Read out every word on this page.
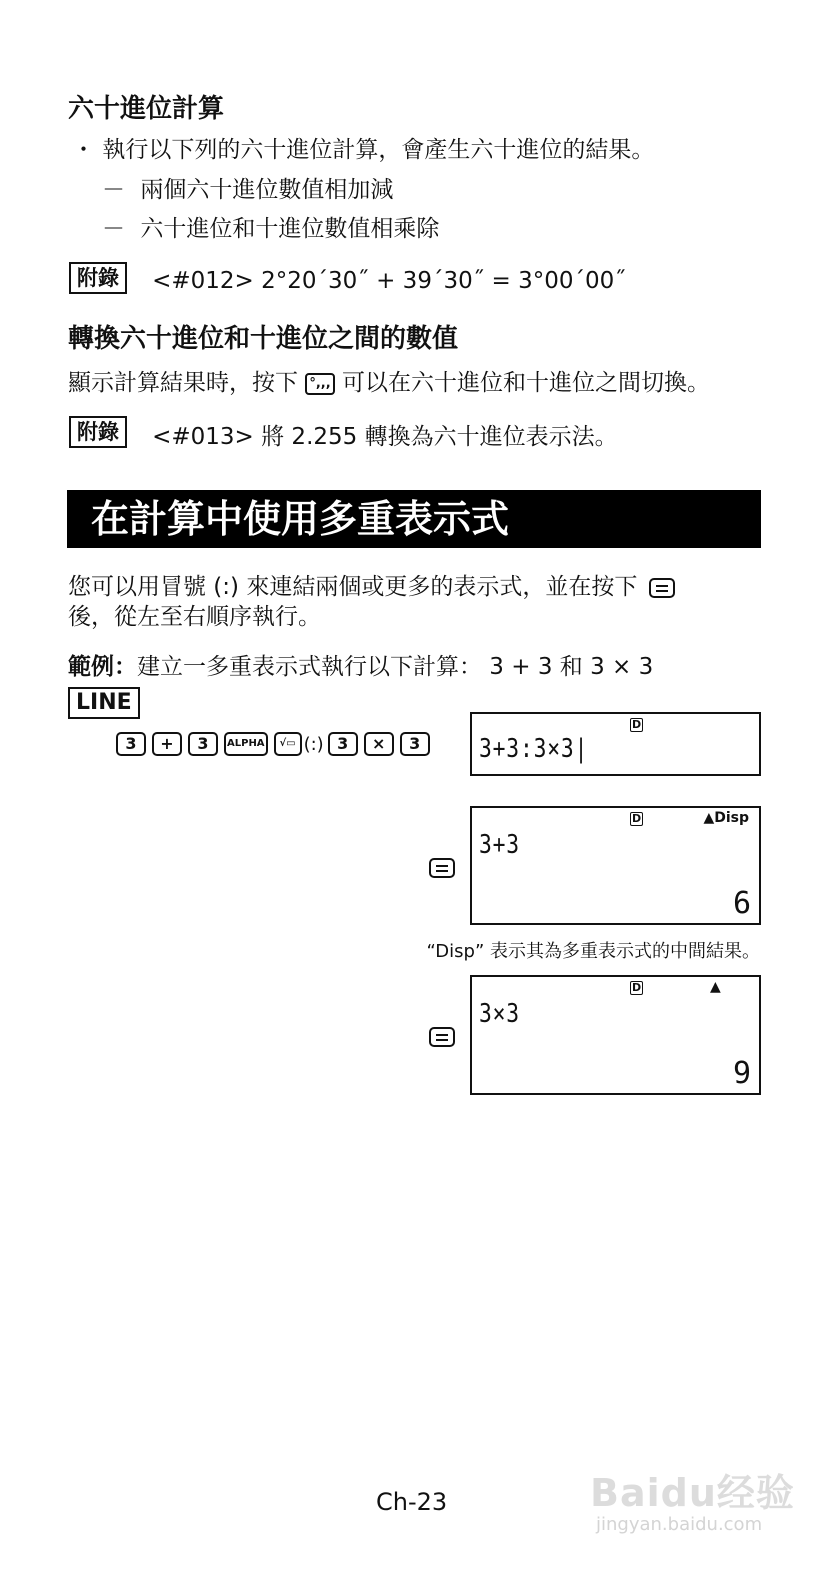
六十進位計算
・ 執行以下列的六十進位計算，會產生六十進位的結果。
－ 兩個六十進位數值相加減
－ 六十進位和十進位數值相乘除
附錄 <#012> 2°20´30˝ + 39´30˝ = 3°00´00˝
轉換六十進位和十進位之間的數值
顯示計算結果時，按下 °,,, 可以在六十進位和十進位之間切換。
附錄 <#013> 將 2.255 轉換為六十進位表示法。
在計算中使用多重表示式
您可以用冒號 (:) 來連結兩個或更多的表示式，並在按下
後，從左至右順序執行。
範例：建立一多重表示式執行以下計算： 3 + 3 和 3 × 3
LINE
3 + 3 ALPHA √▭ (:) 3 × 3
D
3+3:3×3|
D	▲Disp
3+3
6
“Disp” 表示其為多重表示式的中間結果。
D	▲
3×3
9
Ch-23	Baidu经验
jingyan.baidu.com
